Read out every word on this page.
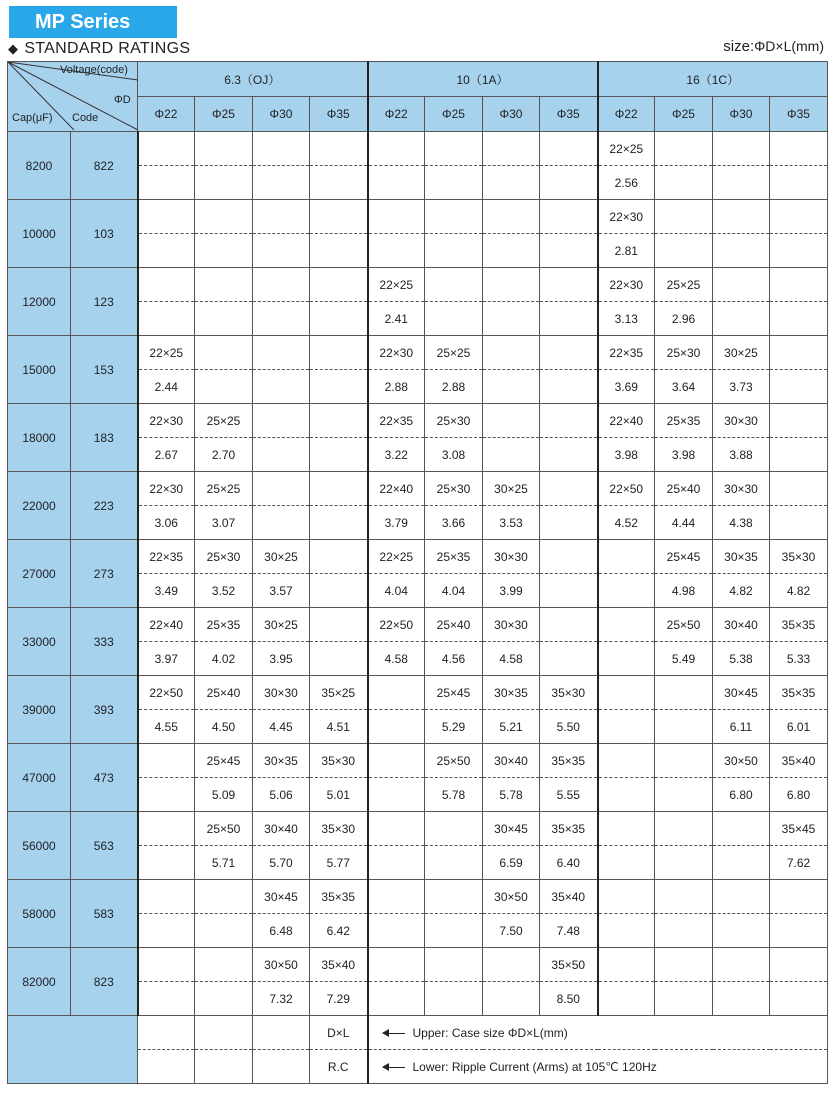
MP Series
◆ STANDARD RATINGS	size:ΦD×L(mm)
Voltage(code)
ΦD
Cap(μF) Code		6.3（OJ）				10（1A）				16（1C）			
		Φ22	Φ25	Φ30	Φ35	Φ22	Φ25	Φ30	Φ35	Φ22	Φ25	Φ30	Φ35
8200	822									22×25			
										2.56			
10000	103									22×30			
										2.81			
12000	123					22×25				22×30	25×25		
						2.41				3.13	2.96		
15000	153	22×25				22×30	25×25			22×35	25×30	30×25	
		2.44				2.88	2.88			3.69	3.64	3.73	
18000	183	22×30	25×25			22×35	25×30			22×40	25×35	30×30	
		2.67	2.70			3.22	3.08			3.98	3.98	3.88	
22000	223	22×30	25×25			22×40	25×30	30×25		22×50	25×40	30×30	
		3.06	3.07			3.79	3.66	3.53		4.52	4.44	4.38	
27000	273	22×35	25×30	30×25		22×25	25×35	30×30			25×45	30×35	35×30
		3.49	3.52	3.57		4.04	4.04	3.99			4.98	4.82	4.82
33000	333	22×40	25×35	30×25		22×50	25×40	30×30			25×50	30×40	35×35
		3.97	4.02	3.95		4.58	4.56	4.58			5.49	5.38	5.33
39000	393	22×50	25×40	30×30	35×25		25×45	30×35	35×30			30×45	35×35
		4.55	4.50	4.45	4.51		5.29	5.21	5.50			6.11	6.01
47000	473		25×45	30×35	35×30		25×50	30×40	35×35			30×50	35×40
			5.09	5.06	5.01		5.78	5.78	5.55			6.80	6.80
56000	563		25×50	30×40	35×30			30×45	35×35				35×45
			5.71	5.70	5.77			6.59	6.40				7.62
58000	583			30×45	35×35			30×50	35×40				
				6.48	6.42			7.50	7.48				
82000	823			30×50	35×40				35×50				
				7.32	7.29				8.50				
					D×L	Upper: Case size ΦD×L(mm)							
					R.C	Lower: Ripple Current (Arms) at 105℃ 120Hz							
